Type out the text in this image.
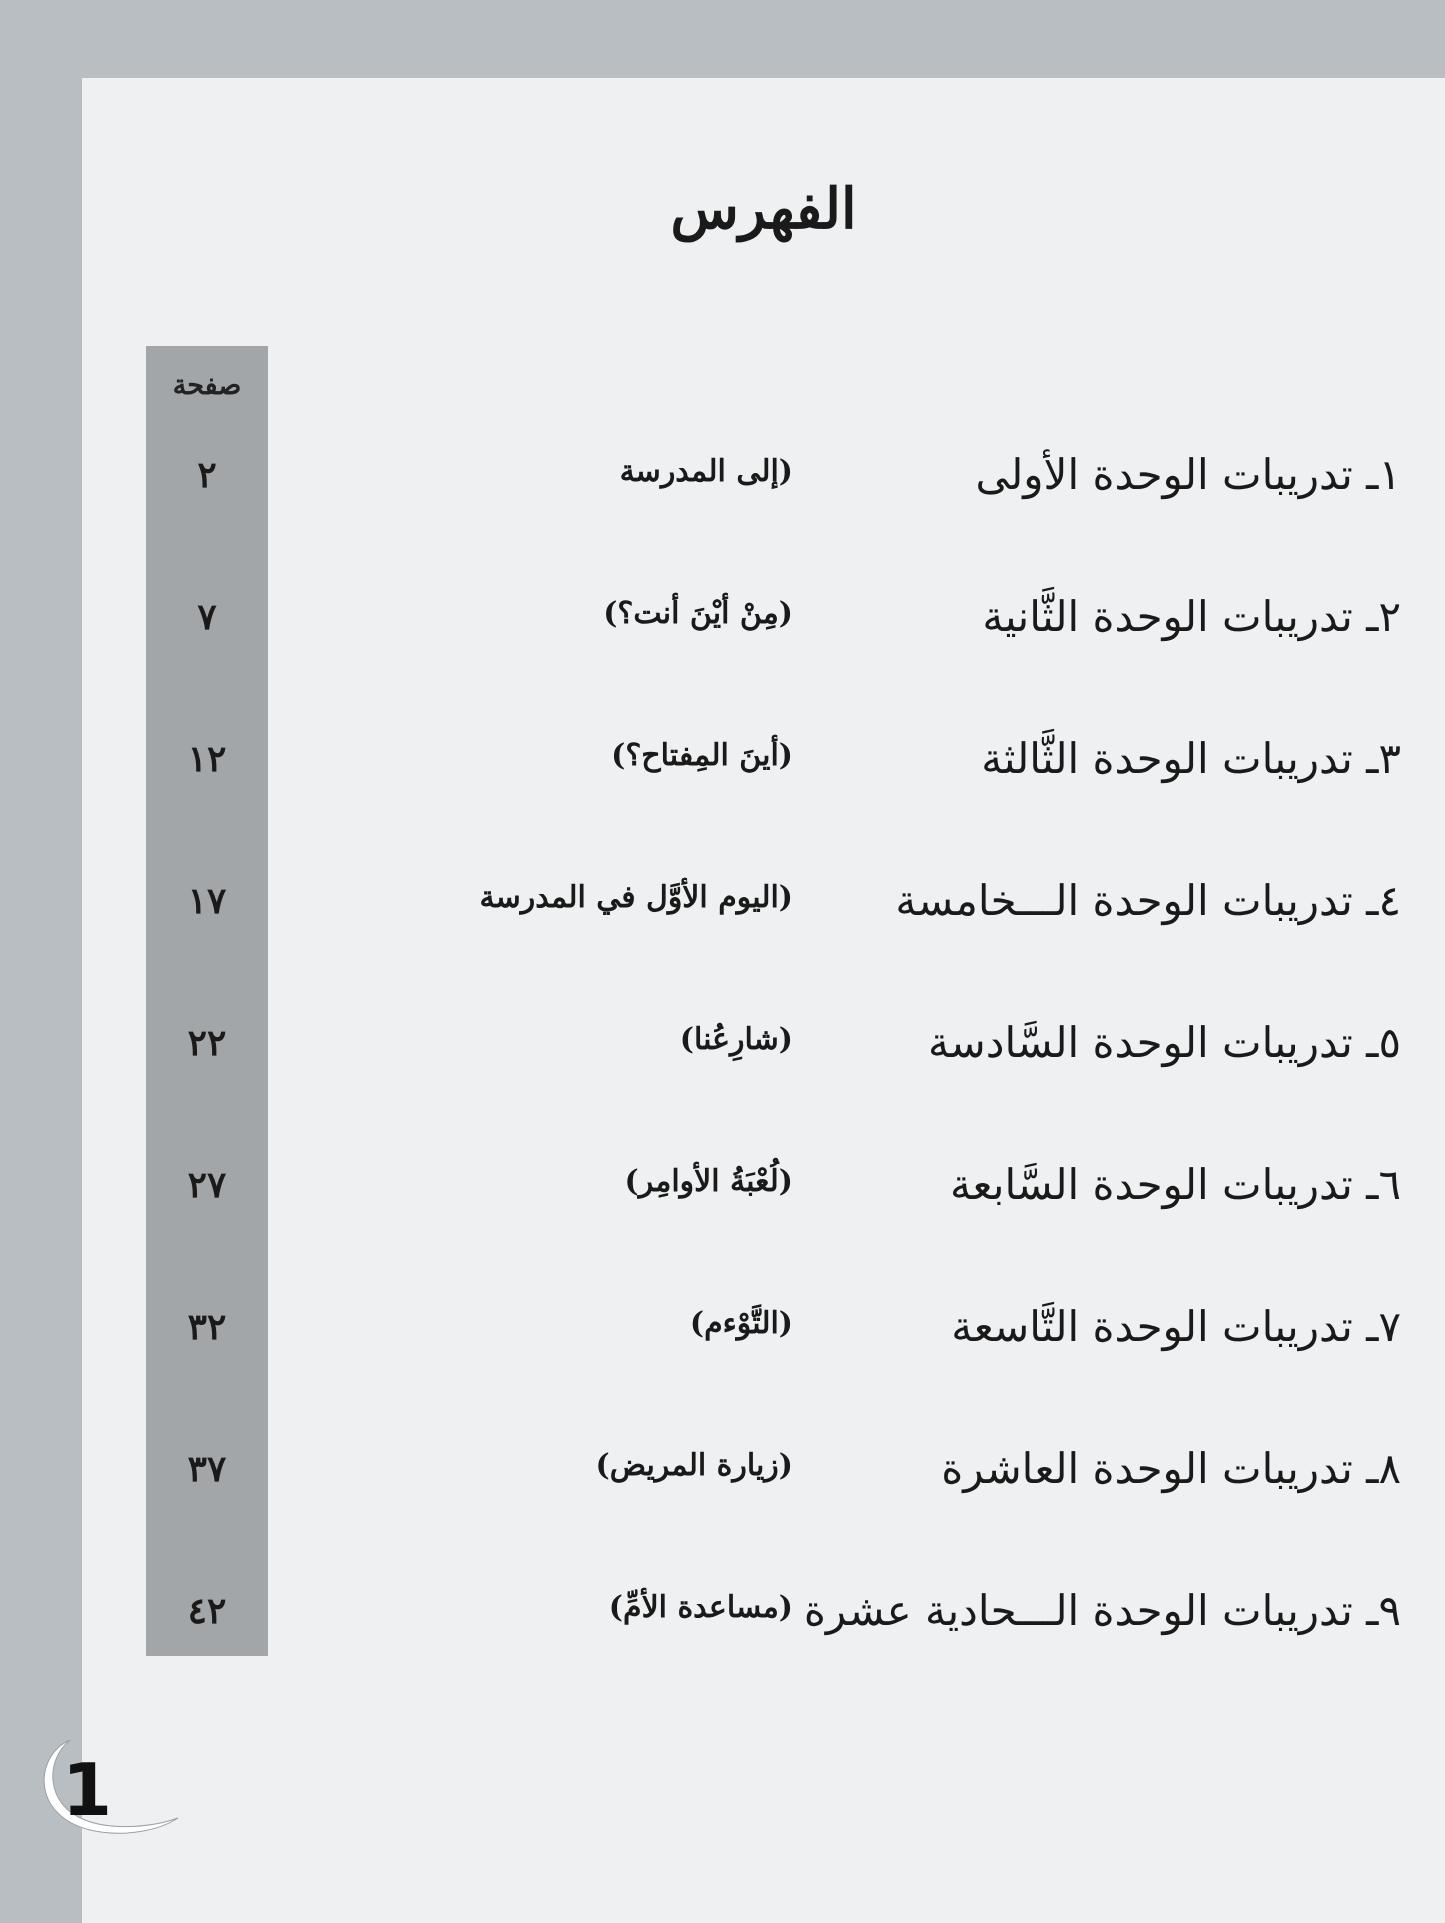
الفهرس
صفحة
١ـ تدريبات الوحدة الأولى
(إلى المدرسة
٢
٢ـ تدريبات الوحدة الثَّانية
(مِنْ أيْنَ أنت؟)
٧
٣ـ تدريبات الوحدة الثَّالثة
(أينَ المِفتاح؟)
١٢
٤ـ تدريبات الوحدة الـــخامسة
(اليوم الأوَّل في المدرسة
١٧
٥ـ تدريبات الوحدة السَّادسة
(شارِعُنا)
٢٢
٦ـ تدريبات الوحدة السَّابعة
(لُعْبَةُ الأوامِر)
٢٧
٧ـ تدريبات الوحدة التَّاسعة
(التَّوْءم)
٣٢
٨ـ تدريبات الوحدة العاشرة
(زيارة المريض)
٣٧
٩ـ تدريبات الوحدة الـــحادية عشرة
(مساعدة الأمِّ)
٤٢
1
